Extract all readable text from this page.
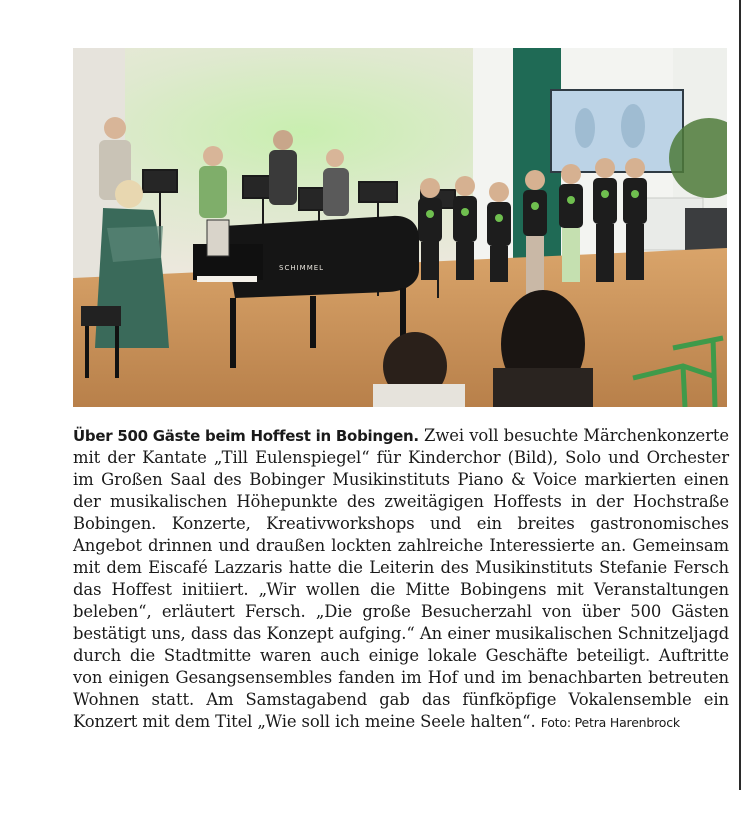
SCHIMMEL
Über 500 Gäste beim Hoffest in Bobingen. Zwei voll besuchte Märchenkonzerte mit der Kantate „Till Eulenspiegel“ für Kinderchor (Bild), Solo und Orchester im Großen Saal des Bobinger Musikinstituts Piano & Voice markierten einen der musikalischen Höhepunkte des zweitägigen Hoffests in der Hochstraße Bobingen. Konzerte, Kreativworkshops und ein breites gastronomisches Angebot drinnen und draußen lockten zahlreiche Interessierte an. Gemeinsam mit dem Eiscafé Lazzaris hatte die Leiterin des Musikinstituts Stefanie Fersch das Hoffest initiiert. „Wir wollen die Mitte Bobingens mit Veranstaltungen beleben“, erläutert Fersch. „Die große Besucherzahl von über 500 Gästen bestätigt uns, dass das Konzept aufging.“ An einer musikalischen Schnitzeljagd durch die Stadtmitte waren auch einige lokale Geschäfte beteiligt. Auftritte von einigen Gesangsensembles fanden im Hof und im benachbarten betreuten Wohnen statt. Am Samstagabend gab das fünfköpfige Vokalensemble ein Konzert mit dem Titel „Wie soll ich meine Seele halten“. Foto: Petra Harenbrock
